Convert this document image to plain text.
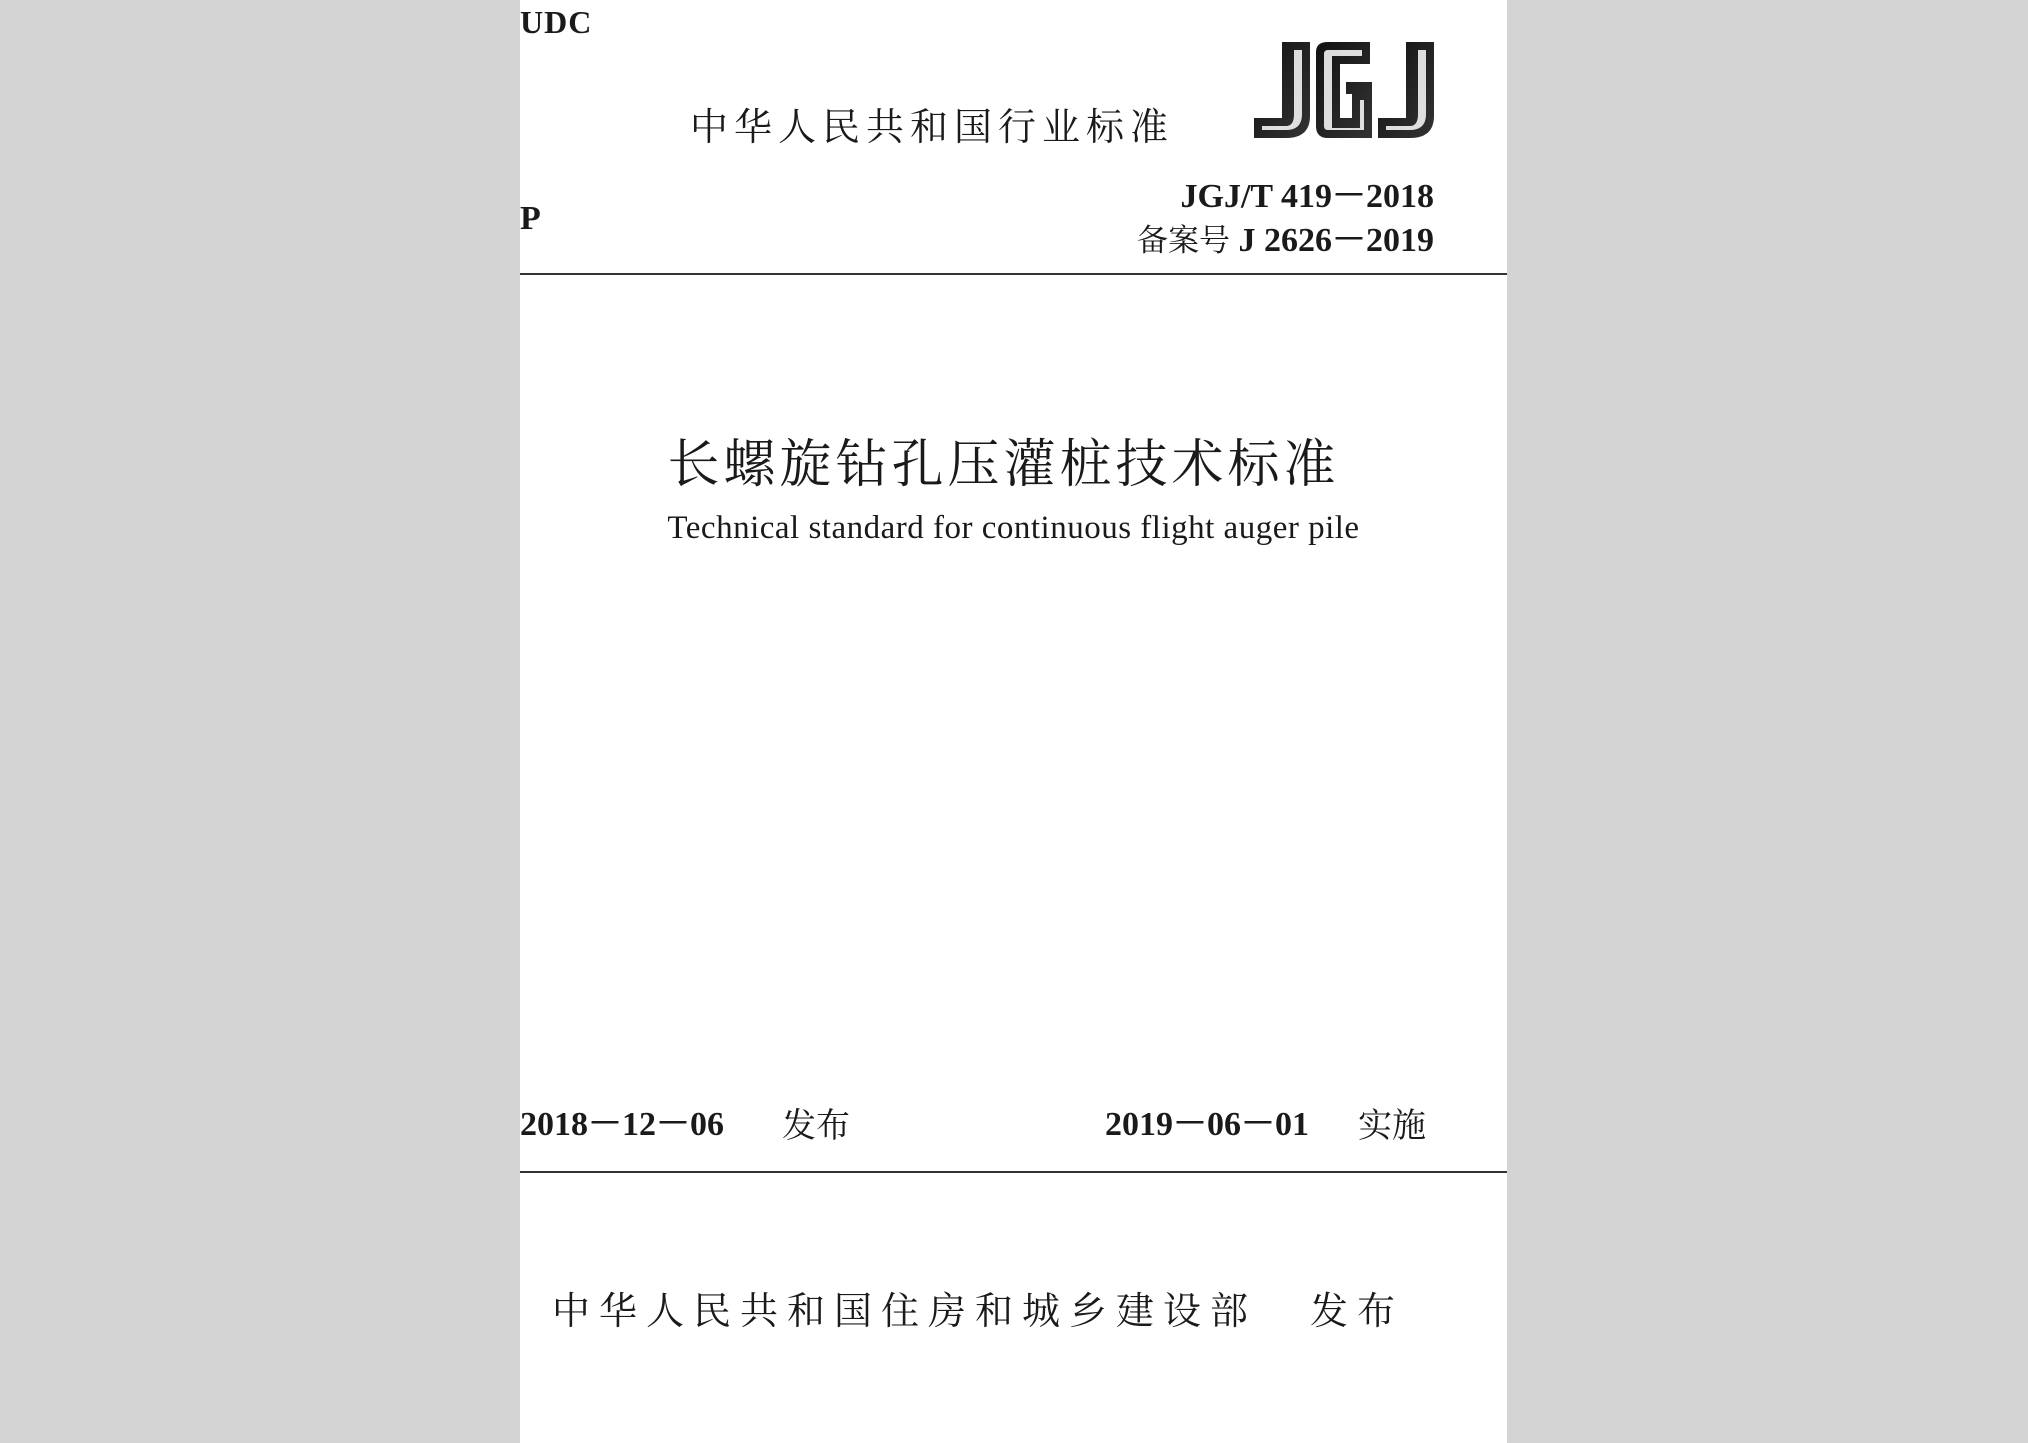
UDC
中华人民共和国行业标准
P
JGJ/T 419－2018
备案号 J 2626－2019
长螺旋钻孔压灌桩技术标准
Technical standard for continuous flight auger pile
2018－12－06 发布	2019－06－01 实施
中华人民共和国住房和城乡建设部 发布
